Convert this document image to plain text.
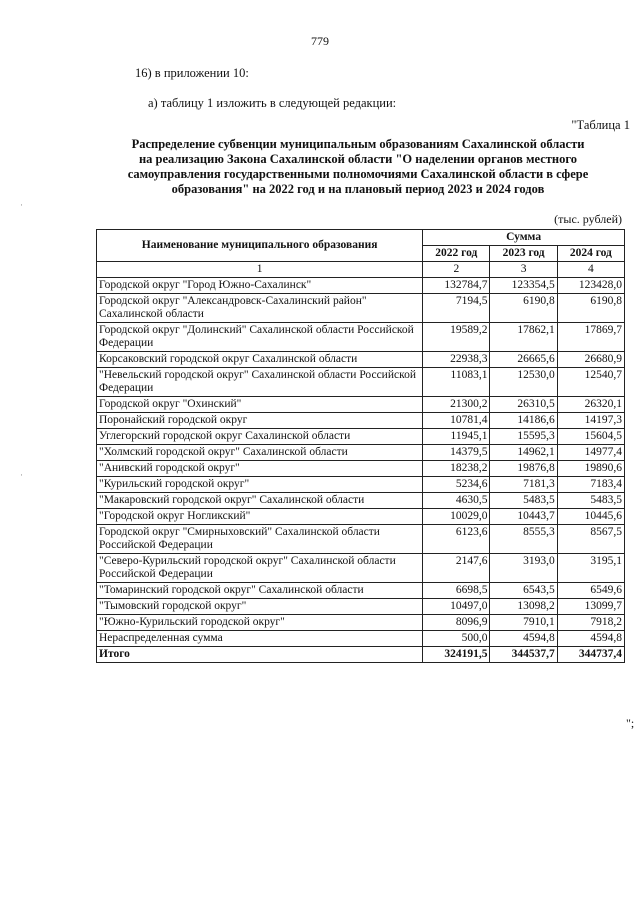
779
16) в приложении 10:
а) таблицу 1 изложить в следующей редакции:
"Таблица 1
Распределение субвенции муниципальным образованиям Сахалинской области
на реализацию Закона Сахалинской области "О наделении органов местного
самоуправления государственными полномочиями Сахалинской области в сфере
образования" на 2022 год и на плановый период 2023 и 2024 годов
(тыс. рублей)
Наименование муниципального образования	Сумма		
	2022 год	2023 год	2024 год
1	2	3	4
Городской округ "Город Южно-Сахалинск"	132784,7	123354,5	123428,0
Городской округ "Александровск-Сахалинский район" Сахалинской области	7194,5	6190,8	6190,8
Городской округ "Долинский" Сахалинской области Российской Федерации	19589,2	17862,1	17869,7
Корсаковский городской округ Сахалинской области	22938,3	26665,6	26680,9
"Невельский городской округ" Сахалинской области Российской Федерации	11083,1	12530,0	12540,7
Городской округ "Охинский"	21300,2	26310,5	26320,1
Поронайский городской округ	10781,4	14186,6	14197,3
Углегорский городской округ Сахалинской области	11945,1	15595,3	15604,5
"Холмский городской округ" Сахалинской области	14379,5	14962,1	14977,4
"Анивский городской округ"	18238,2	19876,8	19890,6
"Курильский городской округ"	5234,6	7181,3	7183,4
"Макаровский городской округ" Сахалинской области	4630,5	5483,5	5483,5
"Городской округ Ногликский"	10029,0	10443,7	10445,6
Городской округ "Смирныховский" Сахалинской области Российской Федерации	6123,6	8555,3	8567,5
"Северо-Курильский городской округ" Сахалинской области Российской Федерации	2147,6	3193,0	3195,1
"Томаринский городской округ" Сахалинской области	6698,5	6543,5	6549,6
"Тымовский городской округ"	10497,0	13098,2	13099,7
"Южно-Курильский городской округ"	8096,9	7910,1	7918,2
Нераспределенная сумма	500,0	4594,8	4594,8
Итого	324191,5	344537,7	344737,4
";
·
·
